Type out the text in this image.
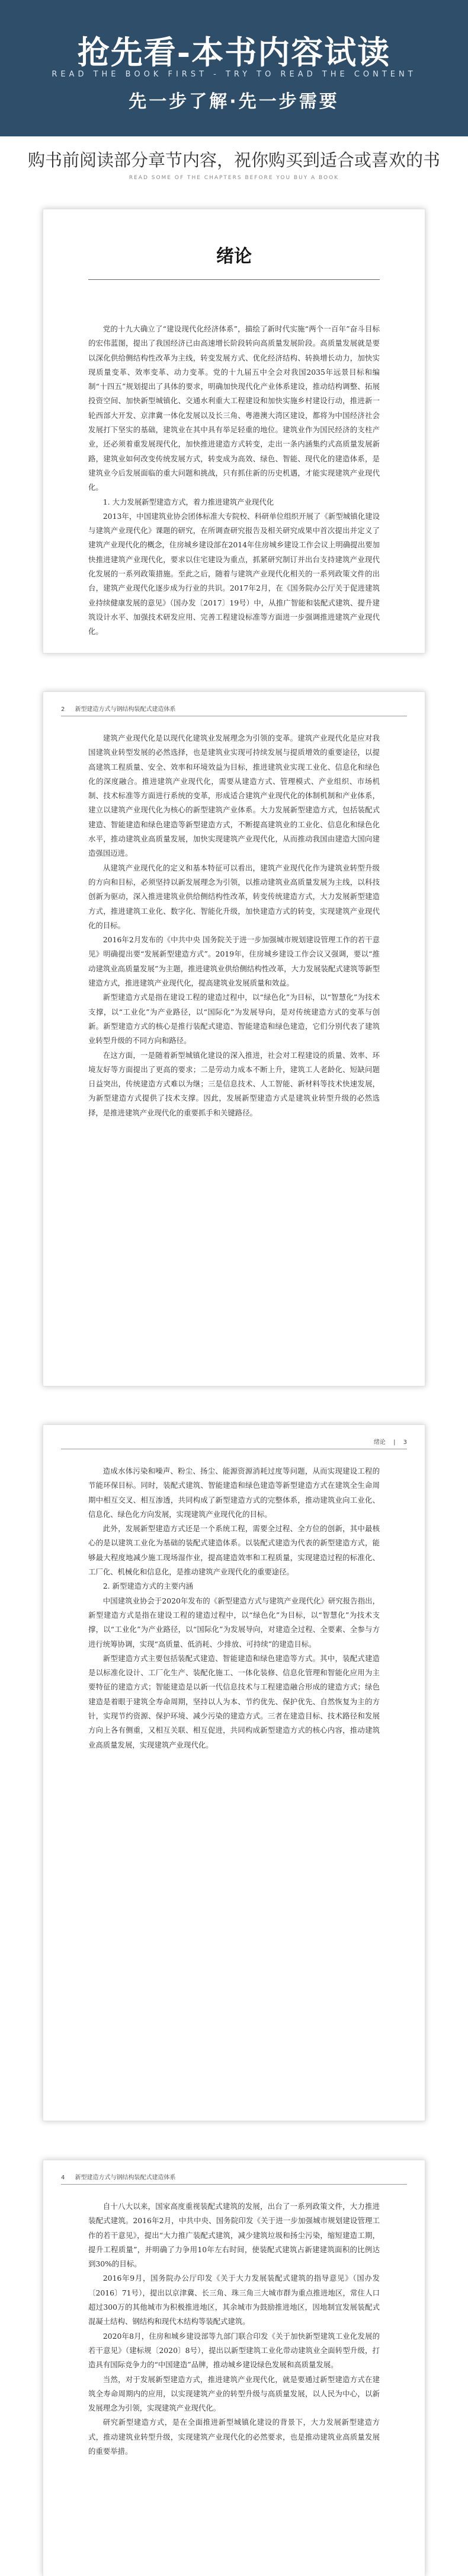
抢先看-本书内容试读
READ THE BOOK FIRST - TRY TO READ THE CONTENT
先一步了解·先一步需要
购书前阅读部分章节内容，祝你购买到适合或喜欢的书
READ SOME OF THE CHAPTERS BEFORE YOU BUY A BOOK
绪论

党的十九大确立了“建设现代化经济体系”，描绘了新时代实施“两个一百年”奋斗目标的宏伟蓝图，提出了我国经济已由高速增长阶段转向高质量发展阶段。高质量发展就是要以深化供给侧结构性改革为主线，转变发展方式、优化经济结构、转换增长动力，加快实现质量变革、效率变革、动力变革。党的十九届五中全会对我国2035年远景目标和编制“十四五”规划提出了具体的要求，明确加快现代化产业体系建设，推动结构调整、拓展投资空间、加快新型城镇化、交通水利重大工程建设和加快实施乡村建设行动，推进新一轮西部大开发、京津冀一体化发展以及长三角、粤港澳大湾区建设，都将为中国经济社会发展打下坚实的基础，建筑业在其中具有举足轻重的地位。建筑业作为国民经济的支柱产业，还必须着重发展现代化，加快推进建造方式转变，走出一条内涵集约式高质量发展新路，建筑业如何改变传统发展方式，转变成为高效、绿色、智能、现代化的建造体系，是建筑业今后发展面临的重大问题和挑战，只有抓住新的历史机遇，才能实现建筑产业现代化。

1. 大力发展新型建造方式，着力推进建筑产业现代化

2013年，中国建筑业协会团体标准大专院校、科研单位组织开展了《新型城镇化建设与建筑产业现代化》课题的研究，在所调查研究报告及相关研究成果中首次提出并定义了建筑产业现代化的概念，住房城乡建设部在2014年住房城乡建设工作会议上明确提出要加快推进建筑产业现代化，要求以住宅建设为重点，抓紧研究制订并出台支持建筑产业现代化发展的一系列政策措施。至此之后，随着与建筑产业现代化相关的一系列政策文件的出台，建筑产业现代化逐步成为行业的共识。2017年2月，在《国务院办公厅关于促进建筑业持续健康发展的意见》（国办发〔2017〕19号）中，从推广智能和装配式建筑、提升建筑设计水平、加强技术研发应用、完善工程建设标准等方面进一步强调推进建筑产业现代化。

2 新型建造方式与钢结构装配式建造体系

建筑产业现代化是以现代化建筑业发展理念为引领的变革。建筑产业现代化是应对我国建筑业转型发展的必然选择，也是建筑业实现可持续发展与提质增效的重要途径，以提高建筑工程质量、安全、效率和环境效益为目标，推进建筑业实现工业化、信息化和绿色化的深度融合。推进建筑产业现代化，需要从建造方式、管理模式、产业组织、市场机制、技术标准等方面进行系统的变革，形成适合建筑产业现代化的体制机制和产业体系，建立以建筑产业现代化为核心的新型建筑产业体系。大力发展新型建造方式，包括装配式建造、智能建造和绿色建造等新型建造方式，不断提高建筑业的工业化、信息化和绿色化水平，推动建筑业高质量发展，加快实现建筑产业现代化，从而推动我国由建造大国向建造强国迈进。

从建筑产业现代化的定义和基本特征可以看出，建筑产业现代化作为建筑业转型升级的方向和目标，必须坚持以新发展理念为引领，以推动建筑业高质量发展为主线，以科技创新为驱动，深入推进建筑业供给侧结构性改革，转变传统建造方式，大力发展新型建造方式，推进建筑工业化、数字化、智能化升级，加快建造方式的转变，实现建筑产业现代化的目标。

2016年2月发布的《中共中央 国务院关于进一步加强城市规划建设管理工作的若干意见》明确提出要“发展新型建造方式”。2019年，住房城乡建设工作会议又强调，要以“推动建筑业高质量发展”为主题，推进建筑业供给侧结构性改革，大力发展装配式建筑等新型建造方式，推进建筑产业现代化，提高建筑业发展质量和效益。

新型建造方式是指在建设工程的建造过程中，以“绿色化”为目标，以“智慧化”为技术支撑，以“工业化”为产业路径，以“国际化”为发展导向，是对传统建造方式的变革与创新。新型建造方式的核心是推行装配式建造、智能建造和绿色建造，它们分别代表了建筑业转型升级的不同方向和路径。

在这方面，一是随着新型城镇化建设的深入推进，社会对工程建设的质量、效率、环境友好等方面提出了更高的要求；二是劳动力成本不断上升，建筑工人老龄化、短缺问题日益突出，传统建造方式难以为继；三是信息技术、人工智能、新材料等技术快速发展，为新型建造方式提供了技术支撑。因此，发展新型建造方式是建筑业转型升级的必然选择，是推进建筑产业现代化的重要抓手和关键路径。

绪论 | 3

造成水体污染和噪声、粉尘、扬尘、能源资源消耗过度等问题，从而实现建设工程的节能环保目标。同时，装配式建筑、智能建造和绿色建造等新型建造方式在建筑全生命周期中相互交叉、相互渗透，共同构成了新型建造方式的完整体系，推动建筑业向工业化、信息化、绿色化方向发展，实现建筑产业现代化的目标。

此外，发展新型建造方式还是一个系统工程，需要全过程、全方位的创新，其中最核心的是以建筑工业化为基础的装配式建造体系。以装配式建造为代表的新型建造方式，能够最大程度地减少施工现场湿作业，提高建造效率和工程质量，实现建造过程的标准化、工厂化、机械化和信息化，是推动建筑产业现代化的重要途径。

2. 新型建造方式的主要内涵

中国建筑业协会于2020年发布的《新型建造方式与建筑产业现代化》研究报告指出，新型建造方式是指在建设工程的建造过程中，以“绿色化”为目标，以“智慧化”为技术支撑，以“工业化”为产业路径，以“国际化”为发展导向，对建造全过程、全要素、全参与方进行统筹协调，实现“高质量、低消耗、少排放、可持续”的建造目标。

新型建造方式主要包括装配式建造、智能建造和绿色建造等方式。其中，装配式建造是以标准化设计、工厂化生产、装配化施工、一体化装修、信息化管理和智能化应用为主要特征的建造方式；智能建造是以新一代信息技术与工程建造融合形成的建造方式；绿色建造是着眼于建筑全寿命周期，坚持以人为本、节约优先、保护优先、自然恢复为主的方针，实现节约资源、保护环境、减少污染的建造方式。三者在建造目标、技术路径和发展方向上各有侧重，又相互关联、相互促进，共同构成新型建造方式的核心内容，推动建筑业高质量发展，实现建筑产业现代化。

4 新型建造方式与钢结构装配式建造体系

自十八大以来，国家高度重视装配式建筑的发展，出台了一系列政策文件，大力推进装配式建筑。2016年2月，中共中央、国务院印发《关于进一步加强城市规划建设管理工作的若干意见》，提出“大力推广装配式建筑，减少建筑垃圾和扬尘污染，缩短建造工期，提升工程质量”，并明确了力争用10年左右时间，使装配式建筑占新建建筑面积的比例达到30%的目标。

2016年9月，国务院办公厅印发《关于大力发展装配式建筑的指导意见》（国办发〔2016〕71号），提出以京津冀、长三角、珠三角三大城市群为重点推进地区，常住人口超过300万的其他城市为积极推进地区，其余城市为鼓励推进地区，因地制宜发展装配式混凝土结构、钢结构和现代木结构等装配式建筑。

2020年8月，住房和城乡建设部等九部门联合印发《关于加快新型建筑工业化发展的若干意见》（建标规〔2020〕8号），提出以新型建筑工业化带动建筑业全面转型升级，打造具有国际竞争力的“中国建造”品牌，推动城乡建设绿色发展和高质量发展。

当然，对于发展新型建造方式，推进建筑产业现代化，就是要通过新型建造方式在建筑全寿命周期内的应用，以实现建筑产业的转型升级与高质量发展，以人民为中心，以新发展理念为引领，实现建筑产业现代化。

研究新型建造方式，是在全面推进新型城镇化建设的背景下，大力发展新型建造方式，推动建筑业转型升级，实现建筑产业现代化的必然要求，也是推动建筑业高质量发展的重要举措。
